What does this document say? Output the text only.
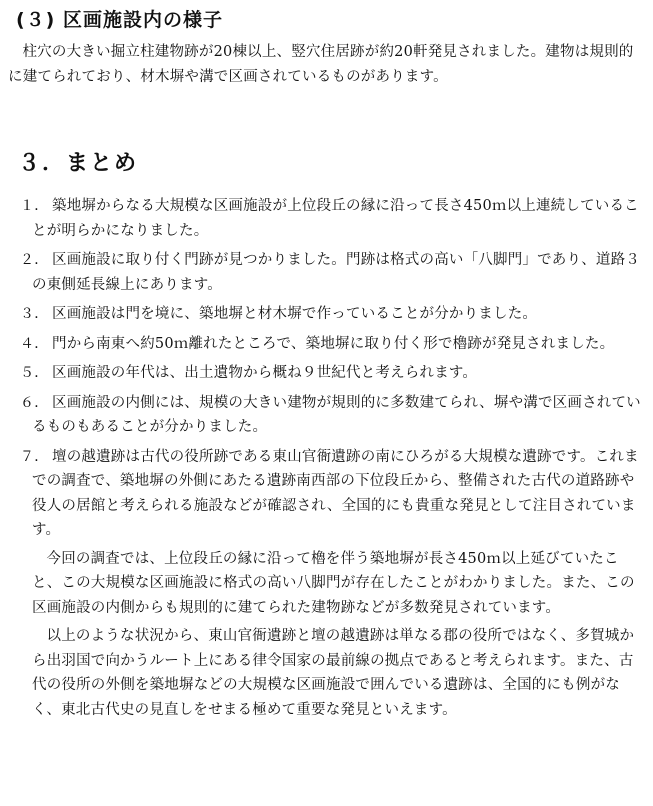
(３) 区画施設内の様子

柱穴の大きい掘立柱建物跡が20棟以上、竪穴住居跡が約20軒発見されました。建物は規則的に建てられており、材木塀や溝で区画されているものがあります。

３．まとめ
１． 築地塀からなる大規模な区画施設が上位段丘の縁に沿って長さ450ｍ以上連続していることが明らかになりました。

２． 区画施設に取り付く門跡が見つかりました。門跡は格式の高い「八脚門」であり、道路３の東側延長線上にあります。

３． 区画施設は門を境に、築地塀と材木塀で作っていることが分かりました。

４． 門から南東へ約50ｍ離れたところで、築地塀に取り付く形で櫓跡が発見されました。

５． 区画施設の年代は、出土遺物から概ね９世紀代と考えられます。

６． 区画施設の内側には、規模の大きい建物が規則的に多数建てられ、塀や溝で区画されているものもあることが分かりました。

７． 壇の越遺跡は古代の役所跡である東山官衙遺跡の南にひろがる大規模な遺跡です。これまでの調査で、築地塀の外側にあたる遺跡南西部の下位段丘から、整備された古代の道路跡や役人の居館と考えられる施設などが確認され、全国的にも貴重な発見として注目されています。

今回の調査では、上位段丘の縁に沿って櫓を伴う築地塀が長さ450ｍ以上延びていたこと、この大規模な区画施設に格式の高い八脚門が存在したことがわかりました。また、この区画施設の内側からも規則的に建てられた建物跡などが多数発見されています。

以上のような状況から、東山官衙遺跡と壇の越遺跡は単なる郡の役所ではなく、多賀城から出羽国で向かうルート上にある律令国家の最前線の拠点であると考えられます。また、古代の役所の外側を築地塀などの大規模な区画施設で囲んでいる遺跡は、全国的にも例がなく、東北古代史の見直しをせまる極めて重要な発見といえます。
